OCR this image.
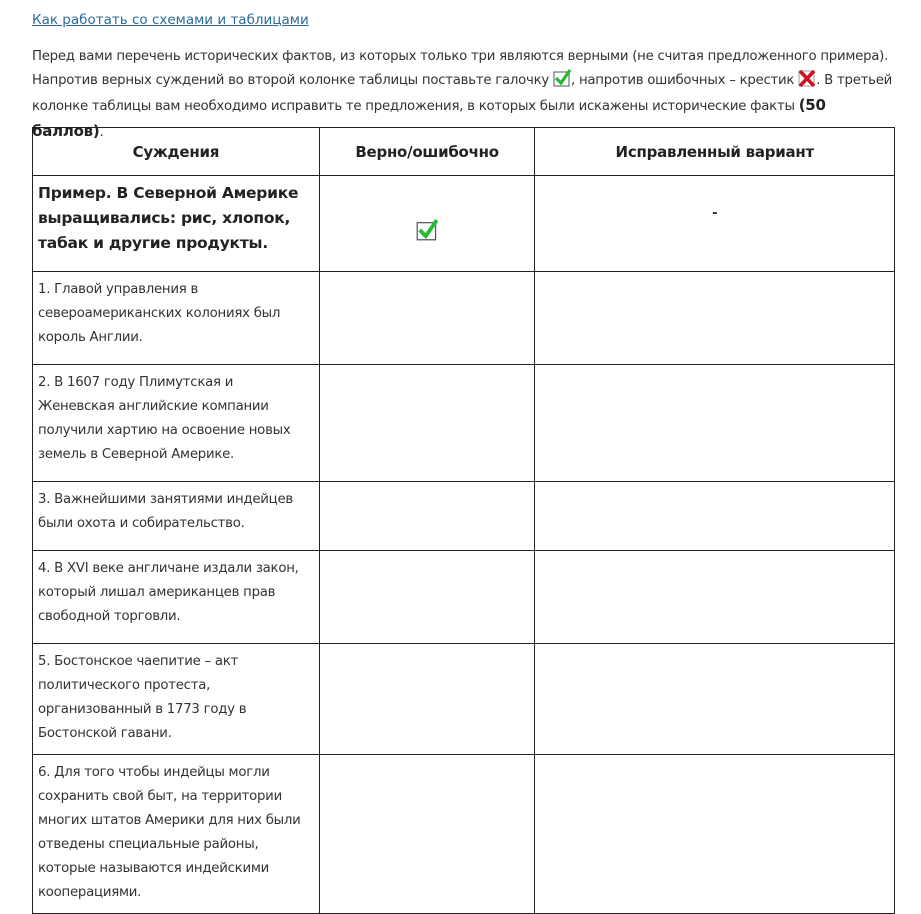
Как работать со схемами и таблицами
Перед вами перечень исторических фактов, из которых только три являются верными (не считая предложенного примера). Напротив верных суждений во второй колонке таблицы поставьте галочку , напротив ошибочных – крестик . В третьей колонке таблицы вам необходимо исправить те предложения, в которых были искажены исторические факты (50 баллов).
Суждения	Верно/ошибочно	Исправленный вариант
Пример. В Северной Америке выращивались: рис, хлопок, табак и другие продукты.		-
1. Главой управления в североамериканских колониях был король Англии.		
2. В 1607 году Плимутская и Женевская английские компании получили хартию на освоение новых земель в Северной Америке.		
3. Важнейшими занятиями индейцев были охота и собирательство.		
4. В XVI веке англичане издали закон, который лишал американцев прав свободной торговли.		
5. Бостонское чаепитие – акт политического протеста, организованный в 1773 году в Бостонской гавани.		
6. Для того чтобы индейцы могли сохранить свой быт, на территории многих штатов Америки для них были отведены специальные районы, которые называются индейскими кооперациями.		
